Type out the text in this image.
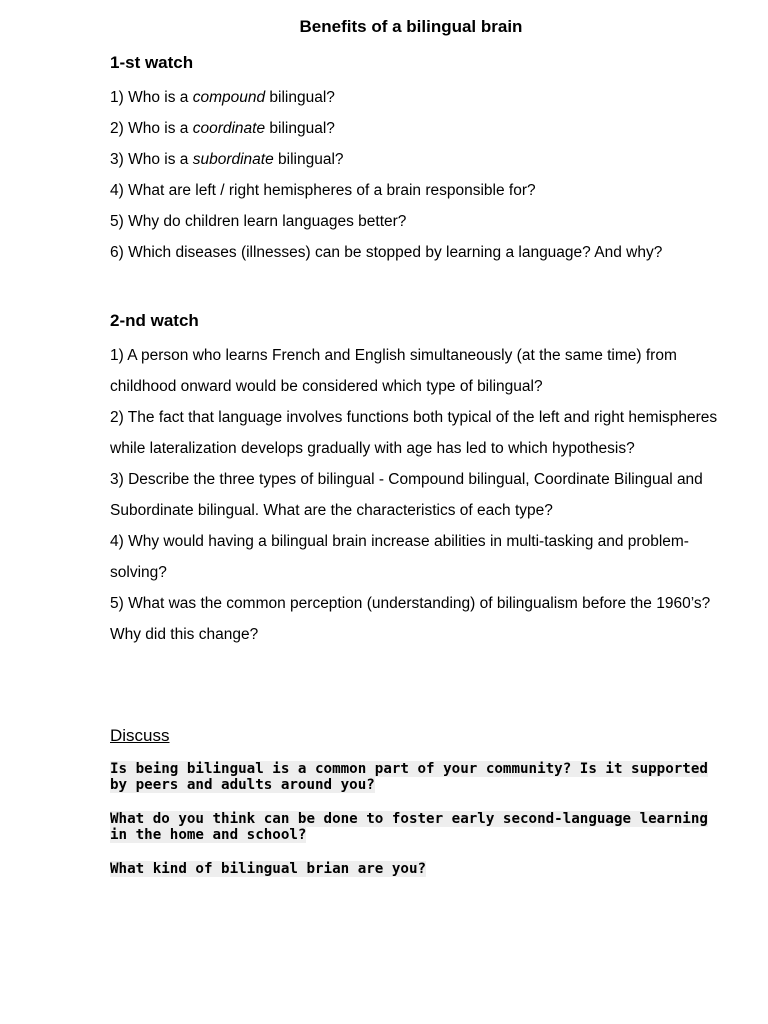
Benefits of a bilingual brain
1-st watch
1) Who is a compound bilingual?
2) Who is a coordinate bilingual?
3) Who is a subordinate bilingual?
4) What are left / right hemispheres of a brain responsible for?
5) Why do children learn languages better?
6) Which diseases (illnesses) can be stopped by learning a language? And why?
2-nd watch
1) A person who learns French and English simultaneously (at the same time) from childhood onward would be considered which type of bilingual?
2) The fact that language involves functions both typical of the left and right hemispheres while lateralization develops gradually with age has led to which hypothesis?
3) Describe the three types of bilingual - Compound bilingual, Coordinate Bilingual and Subordinate bilingual. What are the characteristics of each type?
4) Why would having a bilingual brain increase abilities in multi-tasking and problem-solving?
5) What was the common perception (understanding) of bilingualism before the 1960’s? Why did this change?
Discuss
Is being bilingual is a common part of your community? Is it supported by peers and adults around you?
What do you think can be done to foster early second-language learning in the home and school?
What kind of bilingual brian are you?
